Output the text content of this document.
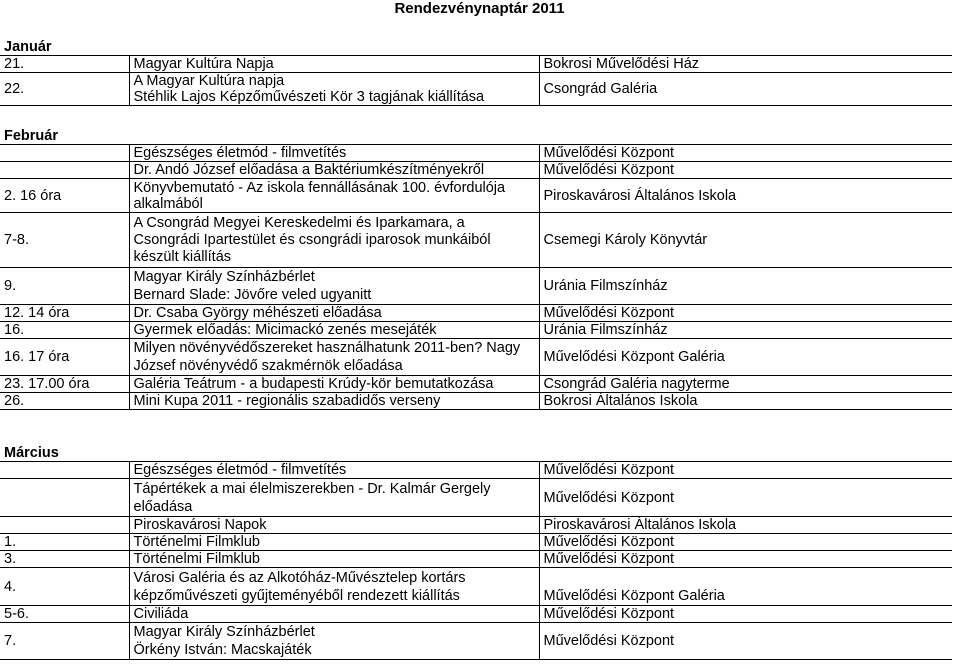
Rendezvénynaptár 2011
Január		
21.	Magyar Kultúra Napja	Bokrosi Művelődési Ház
22.	A Magyar Kultúra napja
Stéhlik Lajos Képzőművészeti Kör 3 tagjának kiállítása	Csongrád Galéria
Február		
	Egészséges életmód - filmvetítés	Művelődési Központ
	Dr. Andó József előadása a Baktériumkészítményekről	Művelődési Központ
2. 16 óra	Könyvbemutató - Az iskola fennállásának 100. évfordulója
alkalmából	Piroskavárosi Általános Iskola
7-8.	A Csongrád Megyei Kereskedelmi és Iparkamara, a
Csongrádi Ipartestület és csongrádi iparosok munkáiból
készült kiállítás	Csemegi Károly Könyvtár
9.	Magyar Király Színházbérlet
Bernard Slade: Jövőre veled ugyanitt	Uránia Filmszínház
12. 14 óra	Dr. Csaba György méhészeti előadása	Művelődési Központ
16.	Gyermek előadás: Micimackó zenés mesejáték	Uránia Filmszínház
16. 17 óra	Milyen növényvédőszereket használhatunk 2011-ben? Nagy
József növényvédő szakmérnök előadása	Művelődési Központ Galéria
23. 17.00 óra	Galéria Teátrum - a budapesti Krúdy-kör bemutatkozása	Csongrád Galéria nagyterme
26.	Mini Kupa 2011 - regionális szabadidős verseny	Bokrosi Általános Iskola
Március		
	Egészséges életmód - filmvetítés	Művelődési Központ
	Tápértékek a mai élelmiszerekben - Dr. Kalmár Gergely
előadása	Művelődési Központ
	Piroskavárosi Napok	Piroskavárosi Általános Iskola
1.	Történelmi Filmklub	Művelődési Központ
3.	Történelmi Filmklub	Művelődési Központ
4.	Városi Galéria és az Alkotóház-Művésztelep kortárs
képzőművészeti gyűjteményéből rendezett kiállítás	Művelődési Központ Galéria
5-6.	Civiliáda	Művelődési Központ
7.	Magyar Király Színházbérlet
Örkény István: Macskajáték	Művelődési Központ
